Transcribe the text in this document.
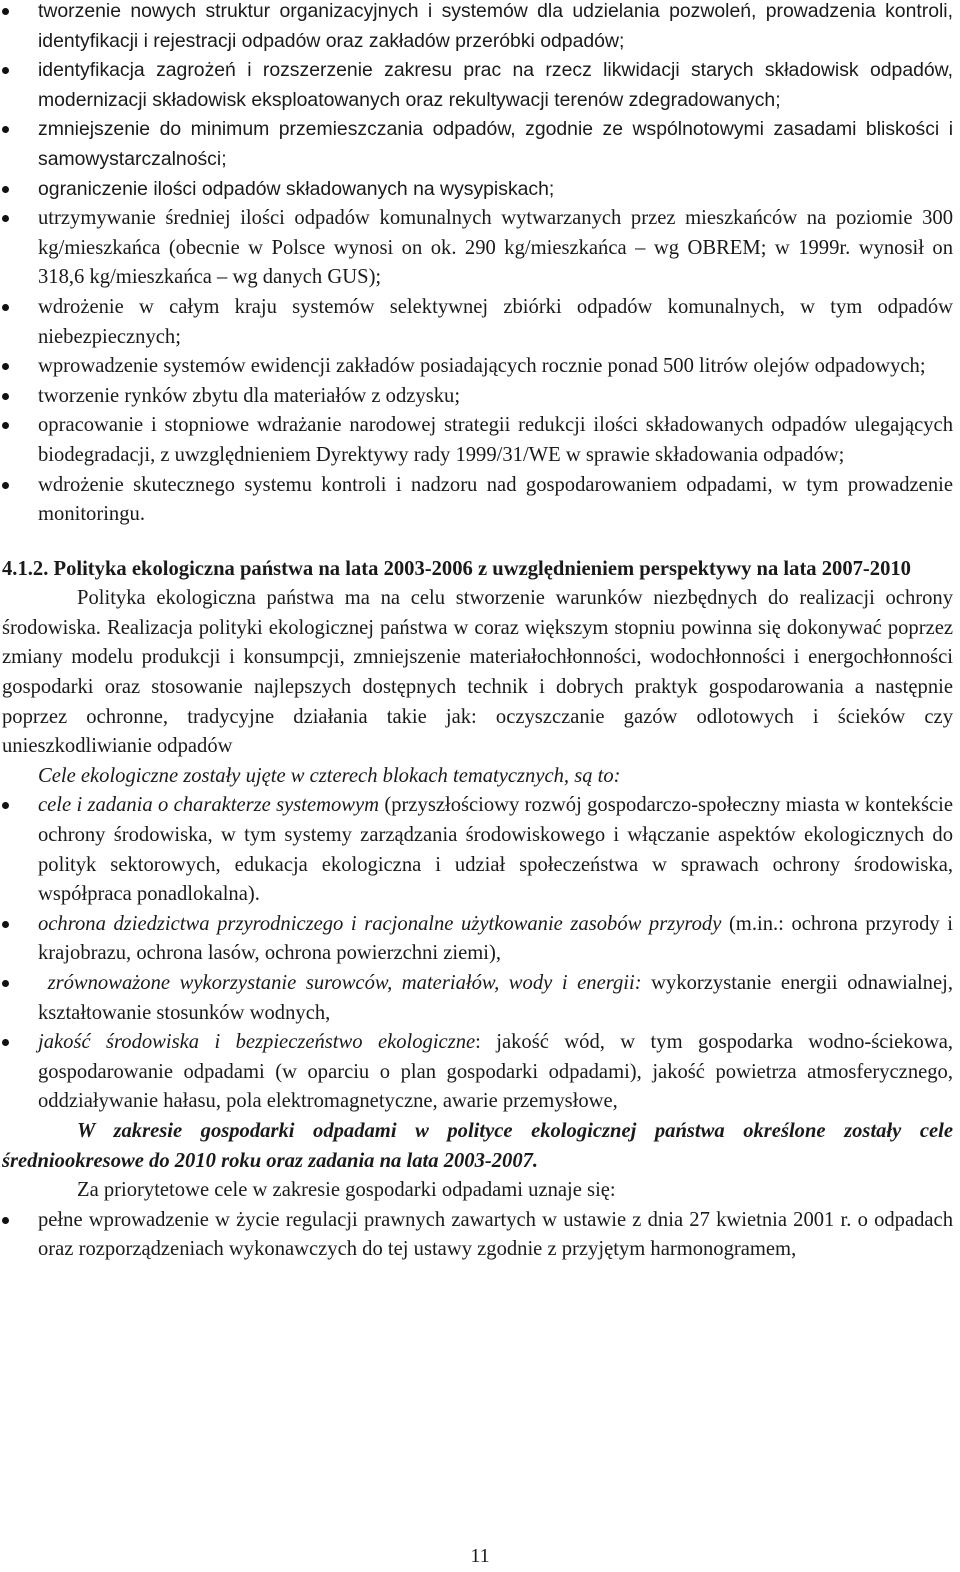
tworzenie nowych struktur organizacyjnych i systemów dla udzielania pozwoleń, prowadzenia kontroli, identyfikacji i rejestracji odpadów oraz zakładów przeróbki odpadów;
identyfikacja zagrożeń i rozszerzenie zakresu prac na rzecz likwidacji starych składowisk odpadów, modernizacji składowisk eksploatowanych oraz rekultywacji terenów zdegradowanych;
zmniejszenie do minimum przemieszczania odpadów, zgodnie ze wspólnotowymi zasadami bliskości i samowystarczalności;
ograniczenie ilości odpadów składowanych na wysypiskach;
utrzymywanie średniej ilości odpadów komunalnych wytwarzanych przez mieszkańców na poziomie 300 kg/mieszkańca (obecnie w Polsce wynosi on ok. 290 kg/mieszkańca – wg OBREM; w 1999r. wynosił on 318,6 kg/mieszkańca – wg danych GUS);
wdrożenie w całym kraju systemów selektywnej zbiórki odpadów komunalnych, w tym odpadów niebezpiecznych;
wprowadzenie systemów ewidencji zakładów posiadających rocznie ponad 500 litrów olejów odpadowych;
tworzenie rynków zbytu dla materiałów z odzysku;
opracowanie i stopniowe wdrażanie narodowej strategii redukcji ilości składowanych odpadów ulegających biodegradacji, z uwzględnieniem Dyrektywy rady 1999/31/WE w sprawie składowania odpadów;
wdrożenie skutecznego systemu kontroli i nadzoru nad gospodarowaniem odpadami, w tym prowadzenie monitoringu.
4.1.2. Polityka ekologiczna państwa na lata 2003-2006 z uwzględnieniem perspektywy na lata 2007-2010

Polityka ekologiczna państwa ma na celu stworzenie warunków niezbędnych do realizacji ochrony środowiska. Realizacja polityki ekologicznej państwa w coraz większym stopniu powinna się dokonywać poprzez zmiany modelu produkcji i konsumpcji, zmniejszenie materiałochłonności, wodochłonności i energochłonności gospodarki oraz stosowanie najlepszych dostępnych technik i dobrych praktyk gospodarowania a następnie poprzez ochronne, tradycyjne działania takie jak: oczyszczanie gazów odlotowych i ścieków czy unieszkodliwianie odpadów

Cele ekologiczne zostały ujęte w czterech blokach tematycznych, są to:

cele i zadania o charakterze systemowym (przyszłościowy rozwój gospodarczo-społeczny miasta w kontekście ochrony środowiska, w tym systemy zarządzania środowiskowego i włączanie aspektów ekologicznych do polityk sektorowych, edukacja ekologiczna i udział społeczeństwa w sprawach ochrony środowiska, współpraca ponadlokalna).
ochrona dziedzictwa przyrodniczego i racjonalne użytkowanie zasobów przyrody (m.in.: ochrona przyrody i krajobrazu, ochrona lasów, ochrona powierzchni ziemi),
zrównoważone wykorzystanie surowców, materiałów, wody i energii: wykorzystanie energii odnawialnej, kształtowanie stosunków wodnych,
jakość środowiska i bezpieczeństwo ekologiczne: jakość wód, w tym gospodarka wodno-ściekowa, gospodarowanie odpadami (w oparciu o plan gospodarki odpadami), jakość powietrza atmosferycznego, oddziaływanie hałasu, pola elektromagnetyczne, awarie przemysłowe,

W zakresie gospodarki odpadami w polityce ekologicznej państwa określone zostały cele średniookresowe do 2010 roku oraz zadania na lata 2003-2007.

Za priorytetowe cele w zakresie gospodarki odpadami uznaje się:

pełne wprowadzenie w życie regulacji prawnych zawartych w ustawie z dnia 27 kwietnia 2001 r. o odpadach oraz rozporządzeniach wykonawczych do tej ustawy zgodnie z przyjętym harmonogramem,
11
